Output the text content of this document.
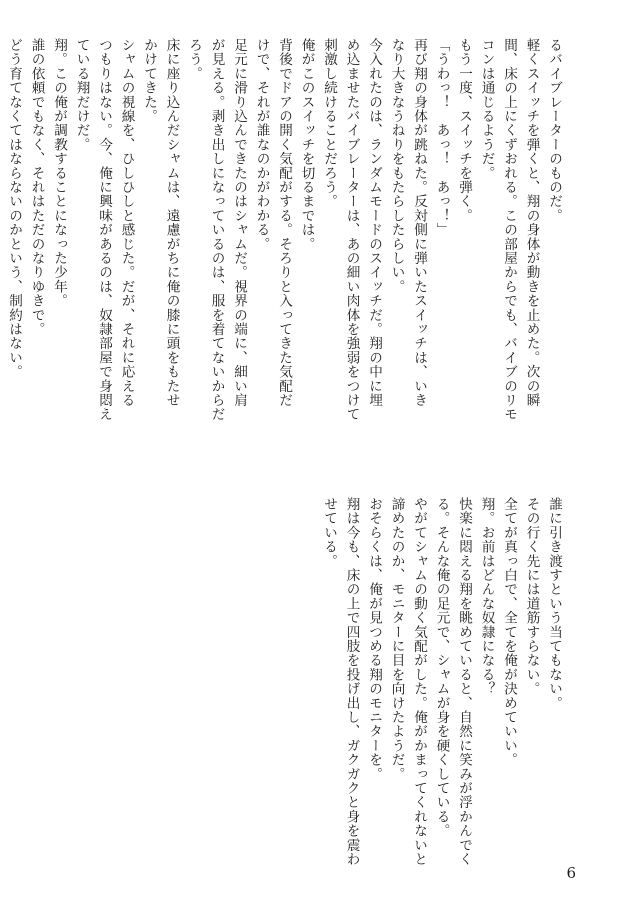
るバイブレーターのものだ。
軽くスイッチを弾くと、翔の身体が動きを止めた。次の瞬
間、床の上にくずおれる。この部屋からでも、バイブのリモ
コンは通じるようだ。
もう一度、スイッチを弾く。
「うわっ！　あっ！　あっ！」
再び翔の身体が跳ねた。反対側に弾いたスイッチは、いき
なり大きなうねりをもたらしたらしい。
今入れたのは、ランダムモードのスイッチだ。翔の中に埋
め込ませたバイブレーターは、あの細い肉体を強弱をつけて
刺激し続けることだろう。
俺がこのスイッチを切るまでは。
背後でドアの開く気配がする。そろりと入ってきた気配だ
けで、それが誰なのかがわかる。
足元に滑り込んできたのはシャムだ。視界の端に、細い肩
が見える。剥き出しになっているのは、服を着てないからだ
ろう。
床に座り込んだシャムは、遠慮がちに俺の膝に頭をもたせ
かけてきた。
シャムの視線を、ひしひしと感じた。だが、それに応える
つもりはない。今、俺に興味があるのは、奴隷部屋で身悶え
ている翔だけだ。
翔。この俺が調教することになった少年。
誰の依頼でもなく、それはただのなりゆきで。
どう育てなくてはならないのかという、制約はない。
誰に引き渡すという当てもない。
その行く先には道筋すらない。
全てが真っ白で、全てを俺が決めていい。
翔。お前はどんな奴隷になる？
快楽に悶える翔を眺めていると、自然に笑みが浮かんでく
る。そんな俺の足元で、シャムが身を硬くしている。
やがてシャムの動く気配がした。俺がかまってくれないと
諦めたのか、モニターに目を向けたようだ。
おそらくは、俺が見つめる翔のモニターを。
翔は今も、床の上で四肢を投げ出し、ガクガクと身を震わ
せている。
6
